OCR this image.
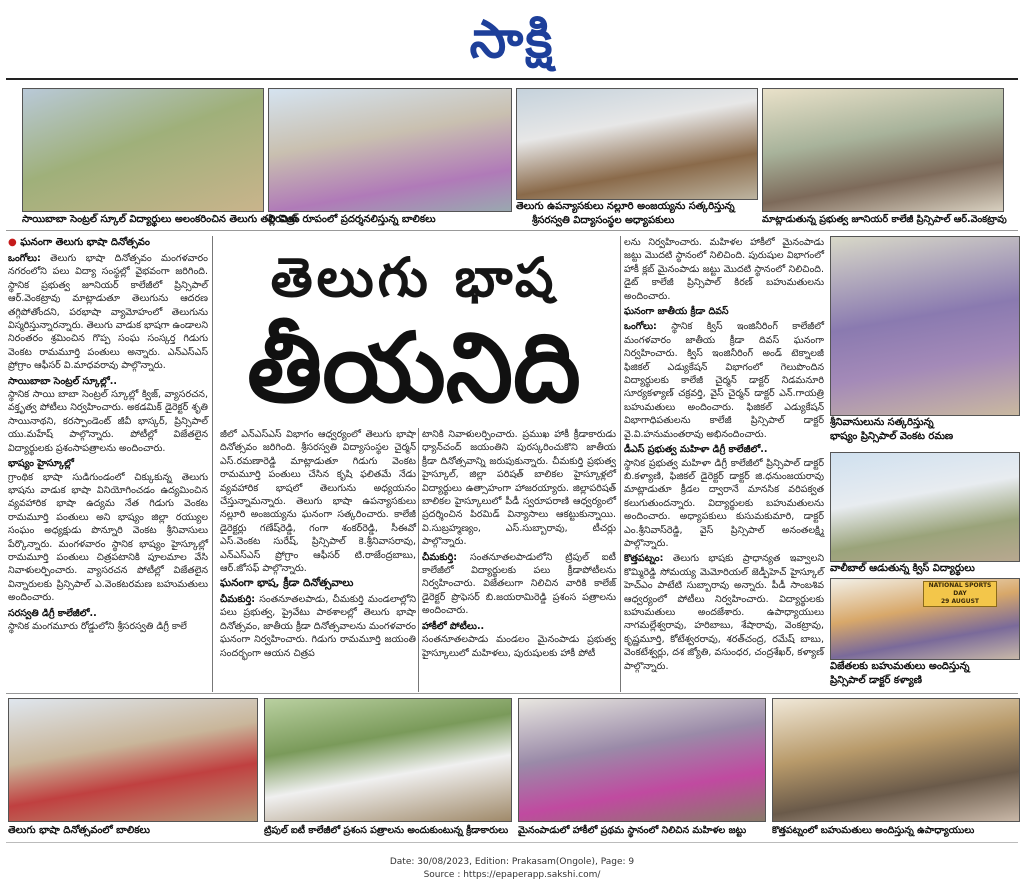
సాక్షి
సాయిబాబా సెంట్రల్ స్కూల్ విద్యార్థులు అలంకరించిన తెలుగు తల్లి చిత్రం
పిరమిడ్ రూపంలో ప్రదర్శనలిస్తున్న బాలికలు
తెలుగు ఉపన్యాసకులు నల్లూరి అంజయ్యను సత్కరిస్తున్న
శ్రీసరస్వతి విద్యాసంస్థల అధ్యాపకులు	మాట్లాడుతున్న ప్రభుత్వ జూనియర్ కాలేజీ ప్రిన్సిపాల్ ఆర్.వెంకట్రావు
● ఘనంగా తెలుగు భాషా దినోత్సవం

ఒంగోలు: తెలుగు భాషా దినోత్సవం మంగళవారం నగరంలోని పలు విద్యా సంస్థల్లో వైభవంగా జరిగింది. స్థానిక ప్రభుత్వ జూనియర్ కాలేజీలో ప్రిన్సిపాల్ ఆర్.వెంకట్రావు మాట్లాడుతూ తెలుగును ఆదరణ తగ్గిపోతోందని, పరభాషా వ్యామోహంలో తెలుగును విస్మరిస్తున్నారన్నారు. తెలుగు వాడుక భాషగా ఉండాలని నిరంతరం శ్రమించిన గొప్ప సంఘ సంస్కర్త గిడుగు వెంకట రామమూర్తి పంతులు అన్నారు. ఎన్ఎస్ఎస్ ప్రోగ్రాం ఆఫీసర్ వి.మాధవరావు పాల్గొన్నారు.

సాయిబాబా సెంట్రల్ స్కూల్లో..
స్థానిక సాయి బాబా సెంట్రల్ స్కూల్లో క్విజ్, వ్యాసరచన, వక్తృత్వ పోటీలు నిర్వహించారు. అకడమిక్ డైరెక్టర్ శృతి సాయినాథని, కరస్పాండెంట్ జీవీ భాస్కర్, ప్రిన్సిపాల్ యు.మహేష్ పాల్గొన్నారు. పోటీల్లో విజేతలైన విద్యార్థులకు ప్రశంసాపత్రాలను అందించారు.

భాష్యం హైస్కూల్లో
గ్రాంథిక భాషా సుడిగుండంలో చిక్కుకున్న తెలుగు భాషను వాడుక భాషా వినియోగించడం ఉద్యమించిన వ్యవహారిక భాషా ఉద్యమ నేత గిడుగు వెంకట రామమూర్తి పంతులు అని భాష్యం జిల్లా రయ్యుల సంఘం అధ్యక్షుడు పొన్నూరి వెంకట శ్రీనివాసులు పేర్కొన్నారు. మంగళవారం స్థానిక భాష్యం హైస్కూల్లో రామమూర్తి పంతులు చిత్రపటానికి పూలమాల వేసి నివాళులర్పించారు. వ్యాసరచన పోటీల్లో విజేతలైన విన్నారులకు ప్రిన్సిపాల్ ఎ.వెంకటరమణ బహుమతులు అందించారు.

సరస్వతి డిగ్రీ కాలేజీలో..
స్థానిక మంగమూరు రోడ్డులోని శ్రీసరస్వతి డిగ్రీ కాలే

తెలుగు భాష
తీయనిది

జీలో ఎన్ఎస్ఎస్ విభాగం ఆధ్వర్యంలో తెలుగు భాషా దినోత్సవం జరిగింది. శ్రీసరస్వతి విద్యాసంస్థల చైర్మన్ ఎస్.రమణారెడ్డి మాట్లాడుతూ గిడుగు వెంకట రామమూర్తి పంతులు చేసిన కృషి ఫలితమే నేడు వ్యవహారిక భాషలో తెలుగును అధ్యయనం చేస్తున్నామన్నారు. తెలుగు భాషా ఉపన్యాసకులు నల్లూరి అంజయ్యను ఘనంగా సత్కరించారు. కాలేజీ డైరెక్టర్లు గణేష్‌రెడ్డి, గంగా శంకర్‌రెడ్డి, సీఈవో ఎస్.వెంకట సురేష్, ప్రిన్సిపాల్ కె.శ్రీనివాసరావు, ఎన్ఎస్ఎస్ ప్రోగ్రాం ఆఫీసర్ టి.రాజేంద్రబాబు, ఆర్.జోసఫ్ పాల్గొన్నారు.

ఘనంగా భాష, క్రీడా దినోత్సవాలు

చీమకుర్తి: సంతనూతలపాడు, చీమకుర్తి మండలాల్లోని పలు ప్రభుత్వ, ప్రైవేటు పాఠశాలల్లో తెలుగు భాషా దినోత్సవం, జాతీయ క్రీడా దినోత్సవాలను మంగళవారం ఘనంగా నిర్వహించారు. గిడుగు రామమూర్తి జయంతి సందర్భంగా ఆయన చిత్రప

టానికి నివాళులర్పించారు. ప్రముఖ హాకీ క్రీడాకారుడు ధ్యాన్‌చంద్ జయంతిని పురస్కరించుకొని జాతీయ క్రీడా దినోత్సవాన్ని జరుపుకున్నారు. చీమకుర్తి ప్రభుత్వ హైస్కూల్, జిల్లా పరిషత్ బాలికల హైస్కూళ్లలో విద్యార్థులు ఉత్సాహంగా హాజరయ్యారు. జిల్లాపరిషత్ బాలికల హైస్కూలులో పీడీ స్వరూపరాణి ఆధ్వర్యంలో ప్రదర్శించిన పిరమిడ్ విన్యాసాలు ఆకట్టుకున్నాయి. వి.సుబ్రహ్మణ్యం, ఎస్.సుబ్బారావు, టీచర్లు పాల్గొన్నారు.

చీమకుర్తి: సంతనూతలపాడులోని ట్రిపుల్ ఐటీ కాలేజీలో విద్యార్థులకు పలు క్రీడాపోటీలను నిర్వహించారు. విజేతలుగా నిలిచిన వారికి కాలేజ్ డైరెక్టర్ ప్రొఫెసర్ బి.జయరామిరెడ్డి ప్రశంస పత్రాలను అందించారు.

హాకీలో పోటీలు..
సంతనూతలపాడు మండలం మైనంపాడు ప్రభుత్వ హైస్కూలులో మహిళలు, పురుషులకు హాకీ పోటీ

లను నిర్వహించారు. మహిళల హాకీలో మైనంపాడు జట్టు మొదటి స్థానంలో నిలిచింది. పురుషుల విభాగంలో హాకీ క్లబ్ మైనంపాడు జట్టు మొదటి స్థానంలో నిలిచింది. డైట్ కాలేజీ ప్రిన్సిపాల్ కిరణ్ బహుమతులను అందించారు.

ఘనంగా జాతీయ క్రీడా దివస్

ఒంగోలు: స్థానిక క్విస్ ఇంజినీరింగ్ కాలేజీలో మంగళవారం జాతీయ క్రీడా దివస్ ఘనంగా నిర్వహించారు. క్విస్ ఇంజినీరింగ్ అండ్ టెక్నాలజీ ఫిజికల్ ఎడ్యుకేషన్ విభాగంలో గెలుపొందిన విద్యార్థులకు కాలేజీ చైర్మన్ డాక్టర్ నిడమనూరి సూర్యకళ్యాణ్ చక్రవర్తి, వైస్ చైర్మన్ డాక్టర్ ఎన్.గాయత్రి బహుమతులు అందించారు. ఫిజికల్ ఎడ్యుకేషన్ విభాగాధిపతులను కాలేజీ ప్రిన్సిపాల్ డాక్టర్ వై.వి.హనుమంతరావు అభినందించారు.

డీఎస్ ప్రభుత్వ మహిళా డిగ్రీ కాలేజీలో..
స్థానిక ప్రభుత్వ మహిళా డిగ్రీ కాలేజీలో ప్రిన్సిపాల్ డాక్టర్ బి.కళ్యాణి, ఫిజికల్ డైరెక్టర్ డాక్టర్ జి.ధనుంజయరావు మాట్లాడుతూ క్రీడల ద్వారానే మానసిక వరిపక్వత కలుగుతుందన్నారు. విద్యార్థులకు బహుమతులను అందించారు. అధ్యాపకులు కుసుమకుమారి, డాక్టర్ ఎం.శ్రీనివాస్‌రెడ్డి, వైస్ ప్రిన్సిపాల్ అనంతలక్ష్మి పాల్గొన్నారు.

కొత్తపట్నం: తెలుగు భాషకు ప్రాధాన్యత ఇవ్వాలని కొమ్మిరెడ్డి సోమయ్య మెమోరియల్ జెడ్పీహెచ్ హైస్కూల్ హెచ్ఎం పాటేటి సుబ్బారావు అన్నారు. పీడీ సాంబశివ ఆధ్వర్యంలో పోటీలు నిర్వహించారు. విద్యార్థులకు బహుమతులు అందజేశారు. ఉపాధ్యాయులు నాగమల్లేశ్వరావు, హరిబాబు, శేషారావు, వెంకట్రావు, కృష్ణమూర్తి, కోటేశ్వరరావు, శరత్‌చంద్ర, రమేష్ బాబు, వెంకటేశ్వర్లు, దశ జ్యోతి, వసుంధర, చంద్రశేఖర్, కళ్యాణ్ పాల్గొన్నారు.

శ్రీనివాసులును సత్కరిస్తున్న
భాష్యం ప్రిన్సిపాల్ వెంకట రమణ
వాలీబాల్ ఆడుతున్న క్విస్ విద్యార్థులు
NATIONAL SPORTS DAY
29 AUGUST
విజేతలకు బహుమతులు అందిస్తున్న
ప్రిన్సిపాల్ డాక్టర్ కళ్యాణి
తెలుగు భాషా దినోత్సవంలో బాలికలు	ట్రిపుల్ ఐటీ కాలేజీలో ప్రశంస పత్రాలను అందుకుంటున్న క్రీడాకారులు	మైనంపాడులో హాకీలో ప్రథమ స్థానంలో నిలిచిన మహిళల జట్టు	కొత్తపట్నంలో బహుమతులు అందిస్తున్న ఉపాధ్యాయులు
Date: 30/08/2023, Edition: Prakasam(Ongole), Page: 9
Source : https://epaperapp.sakshi.com/
